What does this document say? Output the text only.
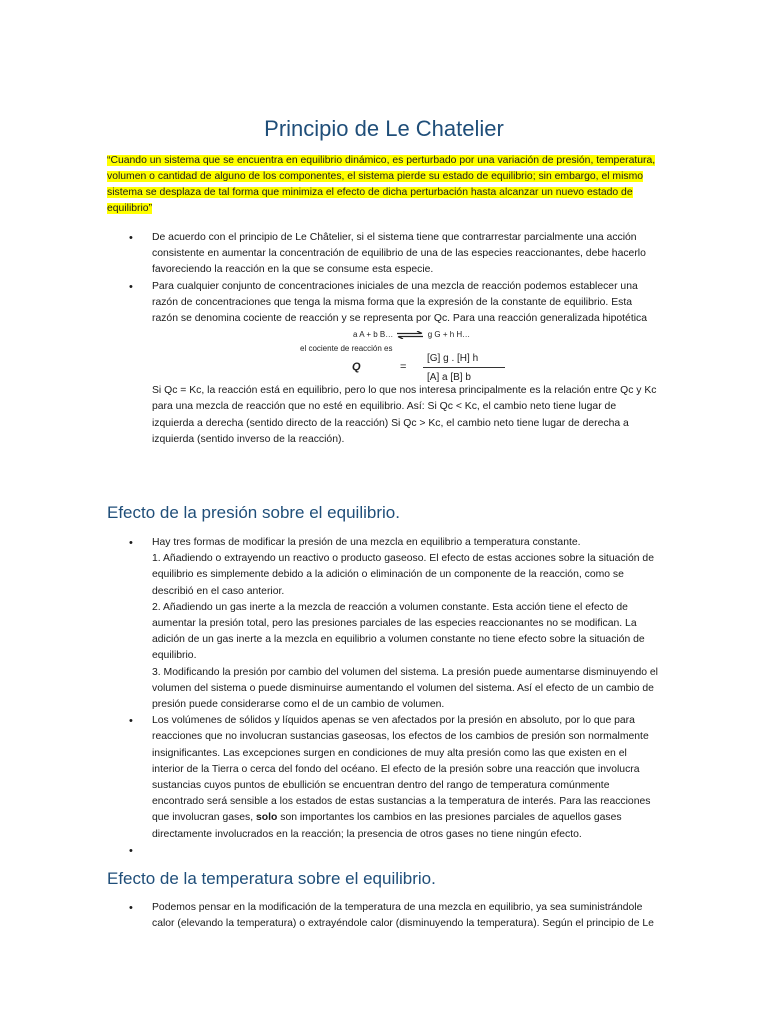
Principio de Le Chatelier

“Cuando un sistema que se encuentra en equilibrio dinámico, es perturbado por una variación de presión, temperatura, volumen o cantidad de alguno de los componentes, el sistema pierde su estado de equilibrio; sin embargo, el mismo sistema se desplaza de tal forma que minimiza el efecto de dicha perturbación hasta alcanzar un nuevo estado de equilibrio”

• De acuerdo con el principio de Le Châtelier, si el sistema tiene que contrarrestar parcialmente una acción consistente en aumentar la concentración de equilibrio de una de las especies reaccionantes, debe hacerlo favoreciendo la reacción en la que se consume esta especie.
• Para cualquier conjunto de concentraciones iniciales de una mezcla de reacción podemos establecer una razón de concentraciones que tenga la misma forma que la expresión de la constante de equilibrio. Esta razón se denomina cociente de reacción y se representa por Qc. Para una reacción generalizada hipotética
a A + b B… ⇌ g G + h H…
el cociente de reacción es
Q	=
[G] g . [H] h
[A] a [B] b

Si Qc = Kc, la reacción está en equilibrio, pero lo que nos interesa principalmente es la relación entre Qc y Kc para una mezcla de reacción que no esté en equilibrio. Así: Si Qc < Kc, el cambio neto tiene lugar de izquierda a derecha (sentido directo de la reacción) Si Qc > Kc, el cambio neto tiene lugar de derecha a izquierda (sentido inverso de la reacción).

Efecto de la presión sobre el equilibrio.
• Hay tres formas de modificar la presión de una mezcla en equilibrio a temperatura constante.
1. Añadiendo o extrayendo un reactivo o producto gaseoso. El efecto de estas acciones sobre la situación de equilibrio es simplemente debido a la adición o eliminación de un componente de la reacción, como se describió en el caso anterior.
2. Añadiendo un gas inerte a la mezcla de reacción a volumen constante. Esta acción tiene el efecto de aumentar la presión total, pero las presiones parciales de las especies reaccionantes no se modifican. La adición de un gas inerte a la mezcla en equilibrio a volumen constante no tiene efecto sobre la situación de equilibrio.
3. Modificando la presión por cambio del volumen del sistema. La presión puede aumentarse disminuyendo el volumen del sistema o puede disminuirse aumentando el volumen del sistema. Así el efecto de un cambio de presión puede considerarse como el de un cambio de volumen.
• Los volúmenes de sólidos y líquidos apenas se ven afectados por la presión en absoluto, por lo que para reacciones que no involucran sustancias gaseosas, los efectos de los cambios de presión son normalmente insignificantes. Las excepciones surgen en condiciones de muy alta presión como las que existen en el interior de la Tierra o cerca del fondo del océano. El efecto de la presión sobre una reacción que involucra sustancias cuyos puntos de ebullición se encuentran dentro del rango de temperatura comúnmente encontrado será sensible a los estados de estas sustancias a la temperatura de interés. Para las reacciones que involucran gases, solo son importantes los cambios en las presiones parciales de aquellos gases directamente involucrados en la reacción; la presencia de otros gases no tiene ningún efecto.
•
Efecto de la temperatura sobre el equilibrio.
• Podemos pensar en la modificación de la temperatura de una mezcla en equilibrio, ya sea suministrándole calor (elevando la temperatura) o extrayéndole calor (disminuyendo la temperatura). Según el principio de Le
